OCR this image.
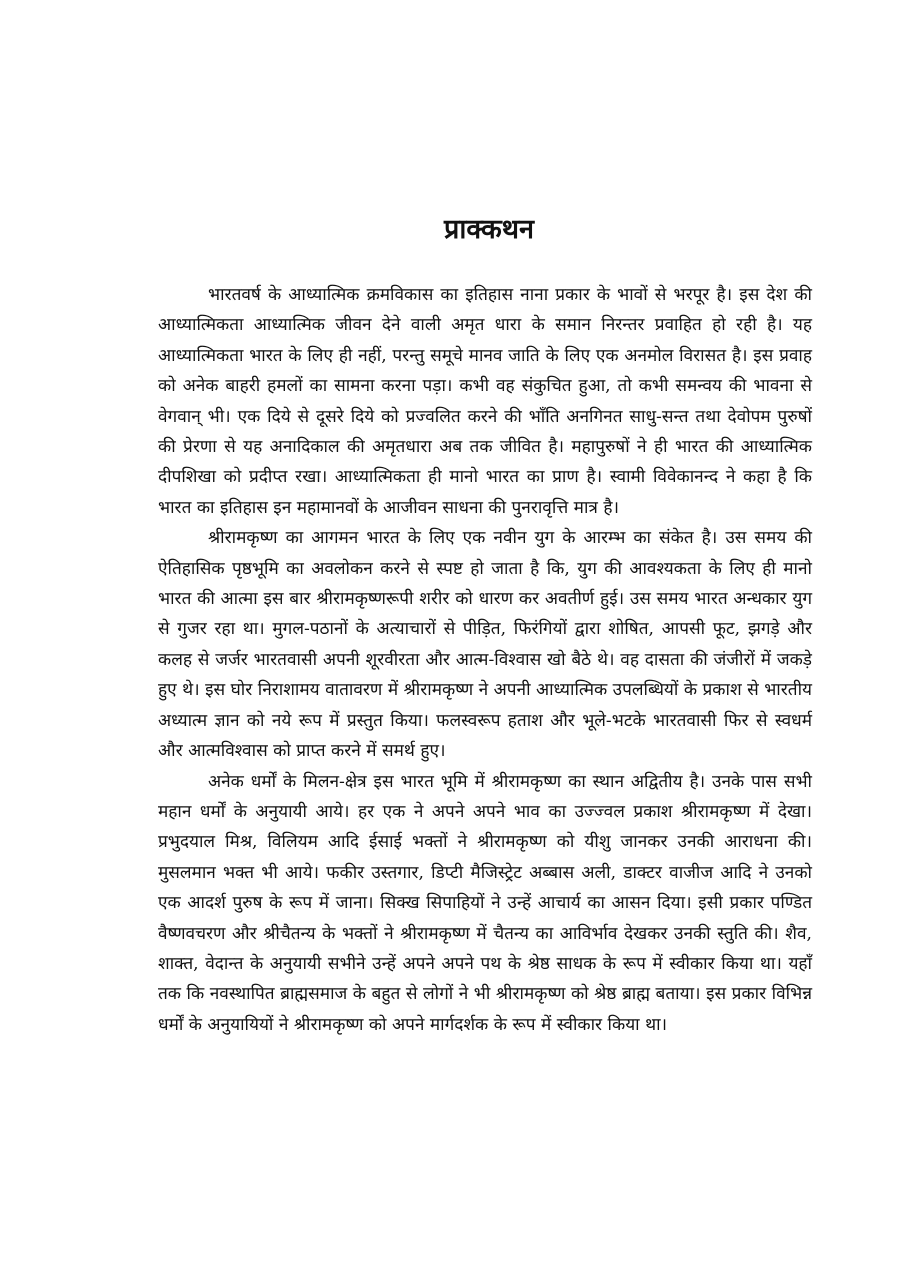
प्राक्कथन

भारतवर्ष के आध्यात्मिक क्रमविकास का इतिहास नाना प्रकार के भावों से भरपूर है। इस देश की आध्यात्मिकता आध्यात्मिक जीवन देने वाली अमृत धारा के समान निरन्तर प्रवाहित हो रही है। यह आध्यात्मिकता भारत के लिए ही नहीं, परन्तु समूचे मानव जाति के लिए एक अनमोल विरासत है। इस प्रवाह को अनेक बाहरी हमलों का सामना करना पड़ा। कभी वह संकुचित हुआ, तो कभी समन्वय की भावना से वेगवान् भी। एक दिये से दूसरे दिये को प्रज्वलित करने की भाँति अनगिनत साधु-सन्त तथा देवोपम पुरुषों की प्रेरणा से यह अनादिकाल की अमृतधारा अब तक जीवित है। महापुरुषों ने ही भारत की आध्यात्मिक दीपशिखा को प्रदीप्त रखा। आध्यात्मिकता ही मानो भारत का प्राण है। स्वामी विवेकानन्द ने कहा है कि भारत का इतिहास इन महामानवों के आजीवन साधना की पुनरावृत्ति मात्र है।

श्रीरामकृष्ण का आगमन भारत के लिए एक नवीन युग के आरम्भ का संकेत है। उस समय की ऐतिहासिक पृष्ठभूमि का अवलोकन करने से स्पष्ट हो जाता है कि, युग की आवश्यकता के लिए ही मानो भारत की आत्मा इस बार श्रीरामकृष्णरूपी शरीर को धारण कर अवतीर्ण हुई। उस समय भारत अन्धकार युग से गुजर रहा था। मुगल-पठानों के अत्याचारों से पीड़ित, फिरंगियों द्वारा शोषित, आपसी फूट, झगड़े और कलह से जर्जर भारतवासी अपनी शूरवीरता और आत्म-विश्वास खो बैठे थे। वह दासता की जंजीरों में जकड़े हुए थे। इस घोर निराशामय वातावरण में श्रीरामकृष्ण ने अपनी आध्यात्मिक उपलब्धियों के प्रकाश से भारतीय अध्यात्म ज्ञान को नये रूप में प्रस्तुत किया। फलस्वरूप हताश और भूले-भटके भारतवासी फिर से स्वधर्म और आत्मविश्वास को प्राप्त करने में समर्थ हुए।

अनेक धर्मों के मिलन-क्षेत्र इस भारत भूमि में श्रीरामकृष्ण का स्थान अद्वितीय है। उनके पास सभी महान धर्मों के अनुयायी आये। हर एक ने अपने अपने भाव का उज्ज्वल प्रकाश श्रीरामकृष्ण में देखा। प्रभुदयाल मिश्र, विलियम आदि ईसाई भक्तों ने श्रीरामकृष्ण को यीशु जानकर उनकी आराधना की। मुसलमान भक्त भी आये। फकीर उस्तगार, डिप्टी मैजिस्ट्रेट अब्बास अली, डाक्टर वाजीज आदि ने उनको एक आदर्श पुरुष के रूप में जाना। सिक्ख सिपाहियों ने उन्हें आचार्य का आसन दिया। इसी प्रकार पण्डित वैष्णवचरण और श्रीचैतन्य के भक्तों ने श्रीरामकृष्ण में चैतन्य का आविर्भाव देखकर उनकी स्तुति की। शैव, शाक्त, वेदान्त के अनुयायी सभीने उन्हें अपने अपने पथ के श्रेष्ठ साधक के रूप में स्वीकार किया था। यहाँ तक कि नवस्थापित ब्राह्मसमाज के बहुत से लोगों ने भी श्रीरामकृष्ण को श्रेष्ठ ब्राह्म बताया। इस प्रकार विभिन्न धर्मों के अनुयायियों ने श्रीरामकृष्ण को अपने मार्गदर्शक के रूप में स्वीकार किया था।
